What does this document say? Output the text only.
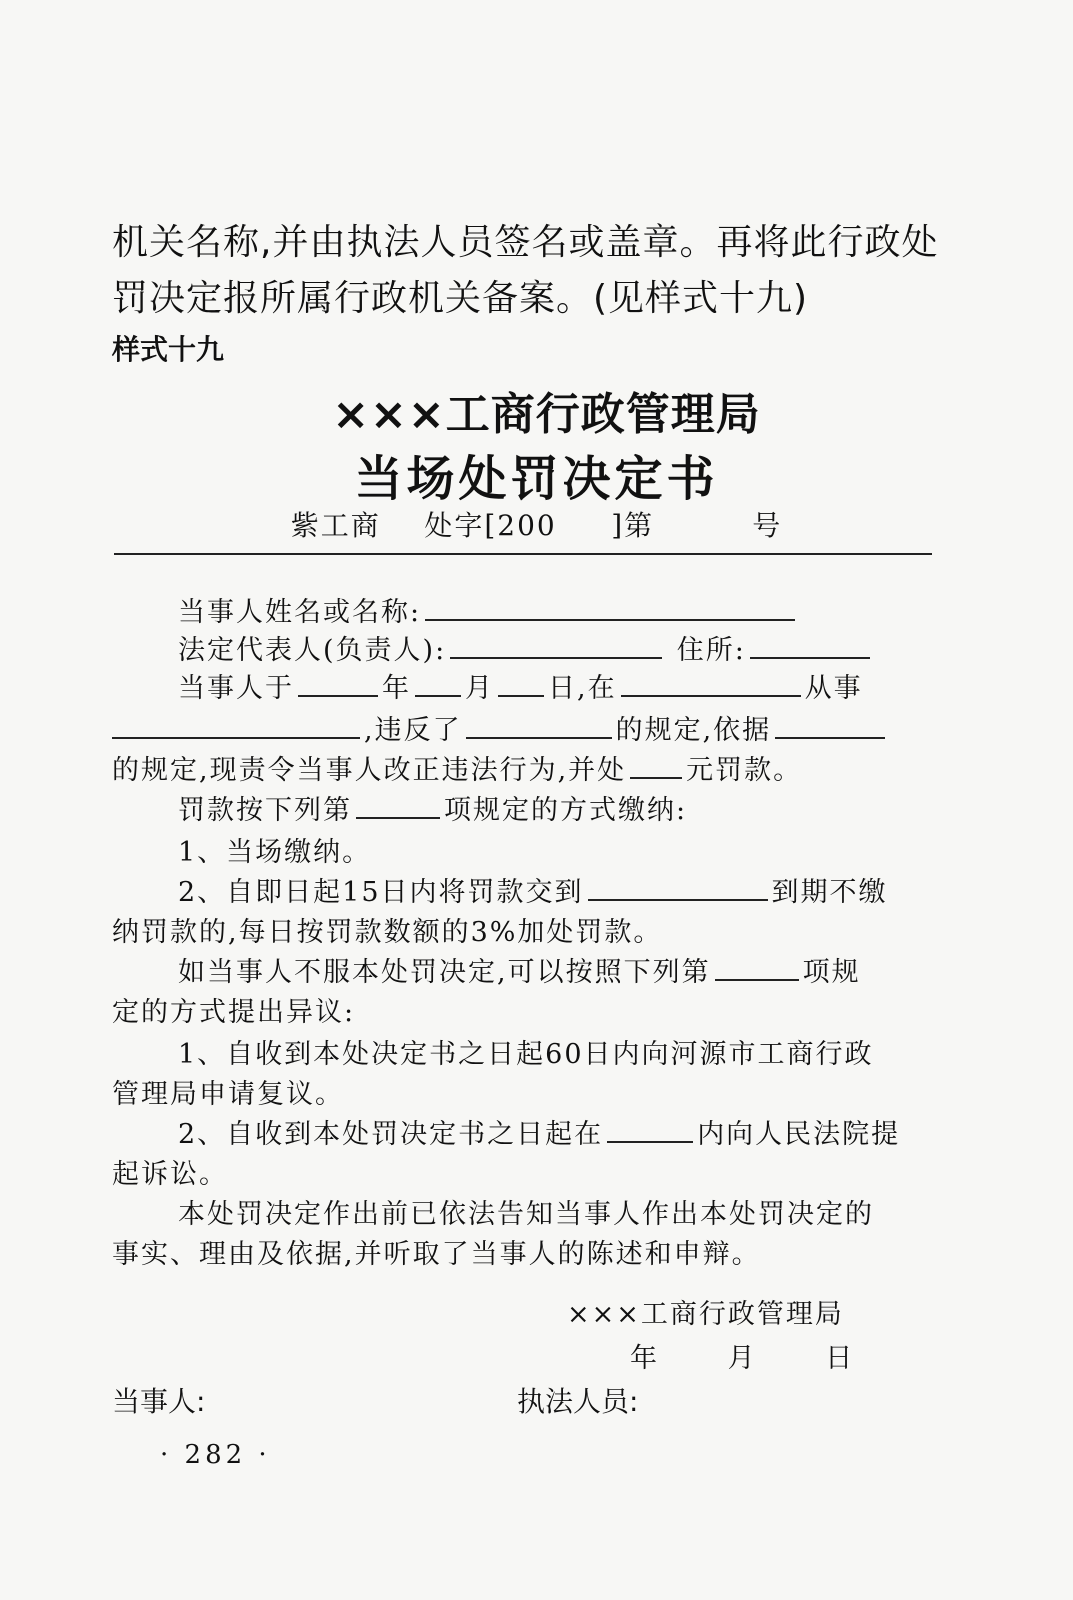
机关名称,并由执法人员签名或盖章。再将此行政处
罚决定报所属行政机关备案。(见样式十九)
样式十九
×××工商行政管理局
当场处罚决定书
紫工商 处字[200 ]第	号
当事人姓名或名称:
法定代表人(负责人):	住所:
当事人于	年 月 日,在	从事
,违反了	的规定,依据
的规定,现责令当事人改正违法行为,并处 元罚款。
罚款按下列第	项规定的方式缴纳:
1、当场缴纳。
2、自即日起15日内将罚款交到	到期不缴
纳罚款的,每日按罚款数额的3%加处罚款。
如当事人不服本处罚决定,可以按照下列第	项规
定的方式提出异议:
1、自收到本处决定书之日起60日内向河源市工商行政
管理局申请复议。
2、自收到本处罚决定书之日起在	内向人民法院提
起诉讼。
本处罚决定作出前已依法告知当事人作出本处罚决定的
事实、理由及依据,并听取了当事人的陈述和申辩。
×××工商行政管理局
年	月	日
当事人:	执法人员:
· 282 ·
